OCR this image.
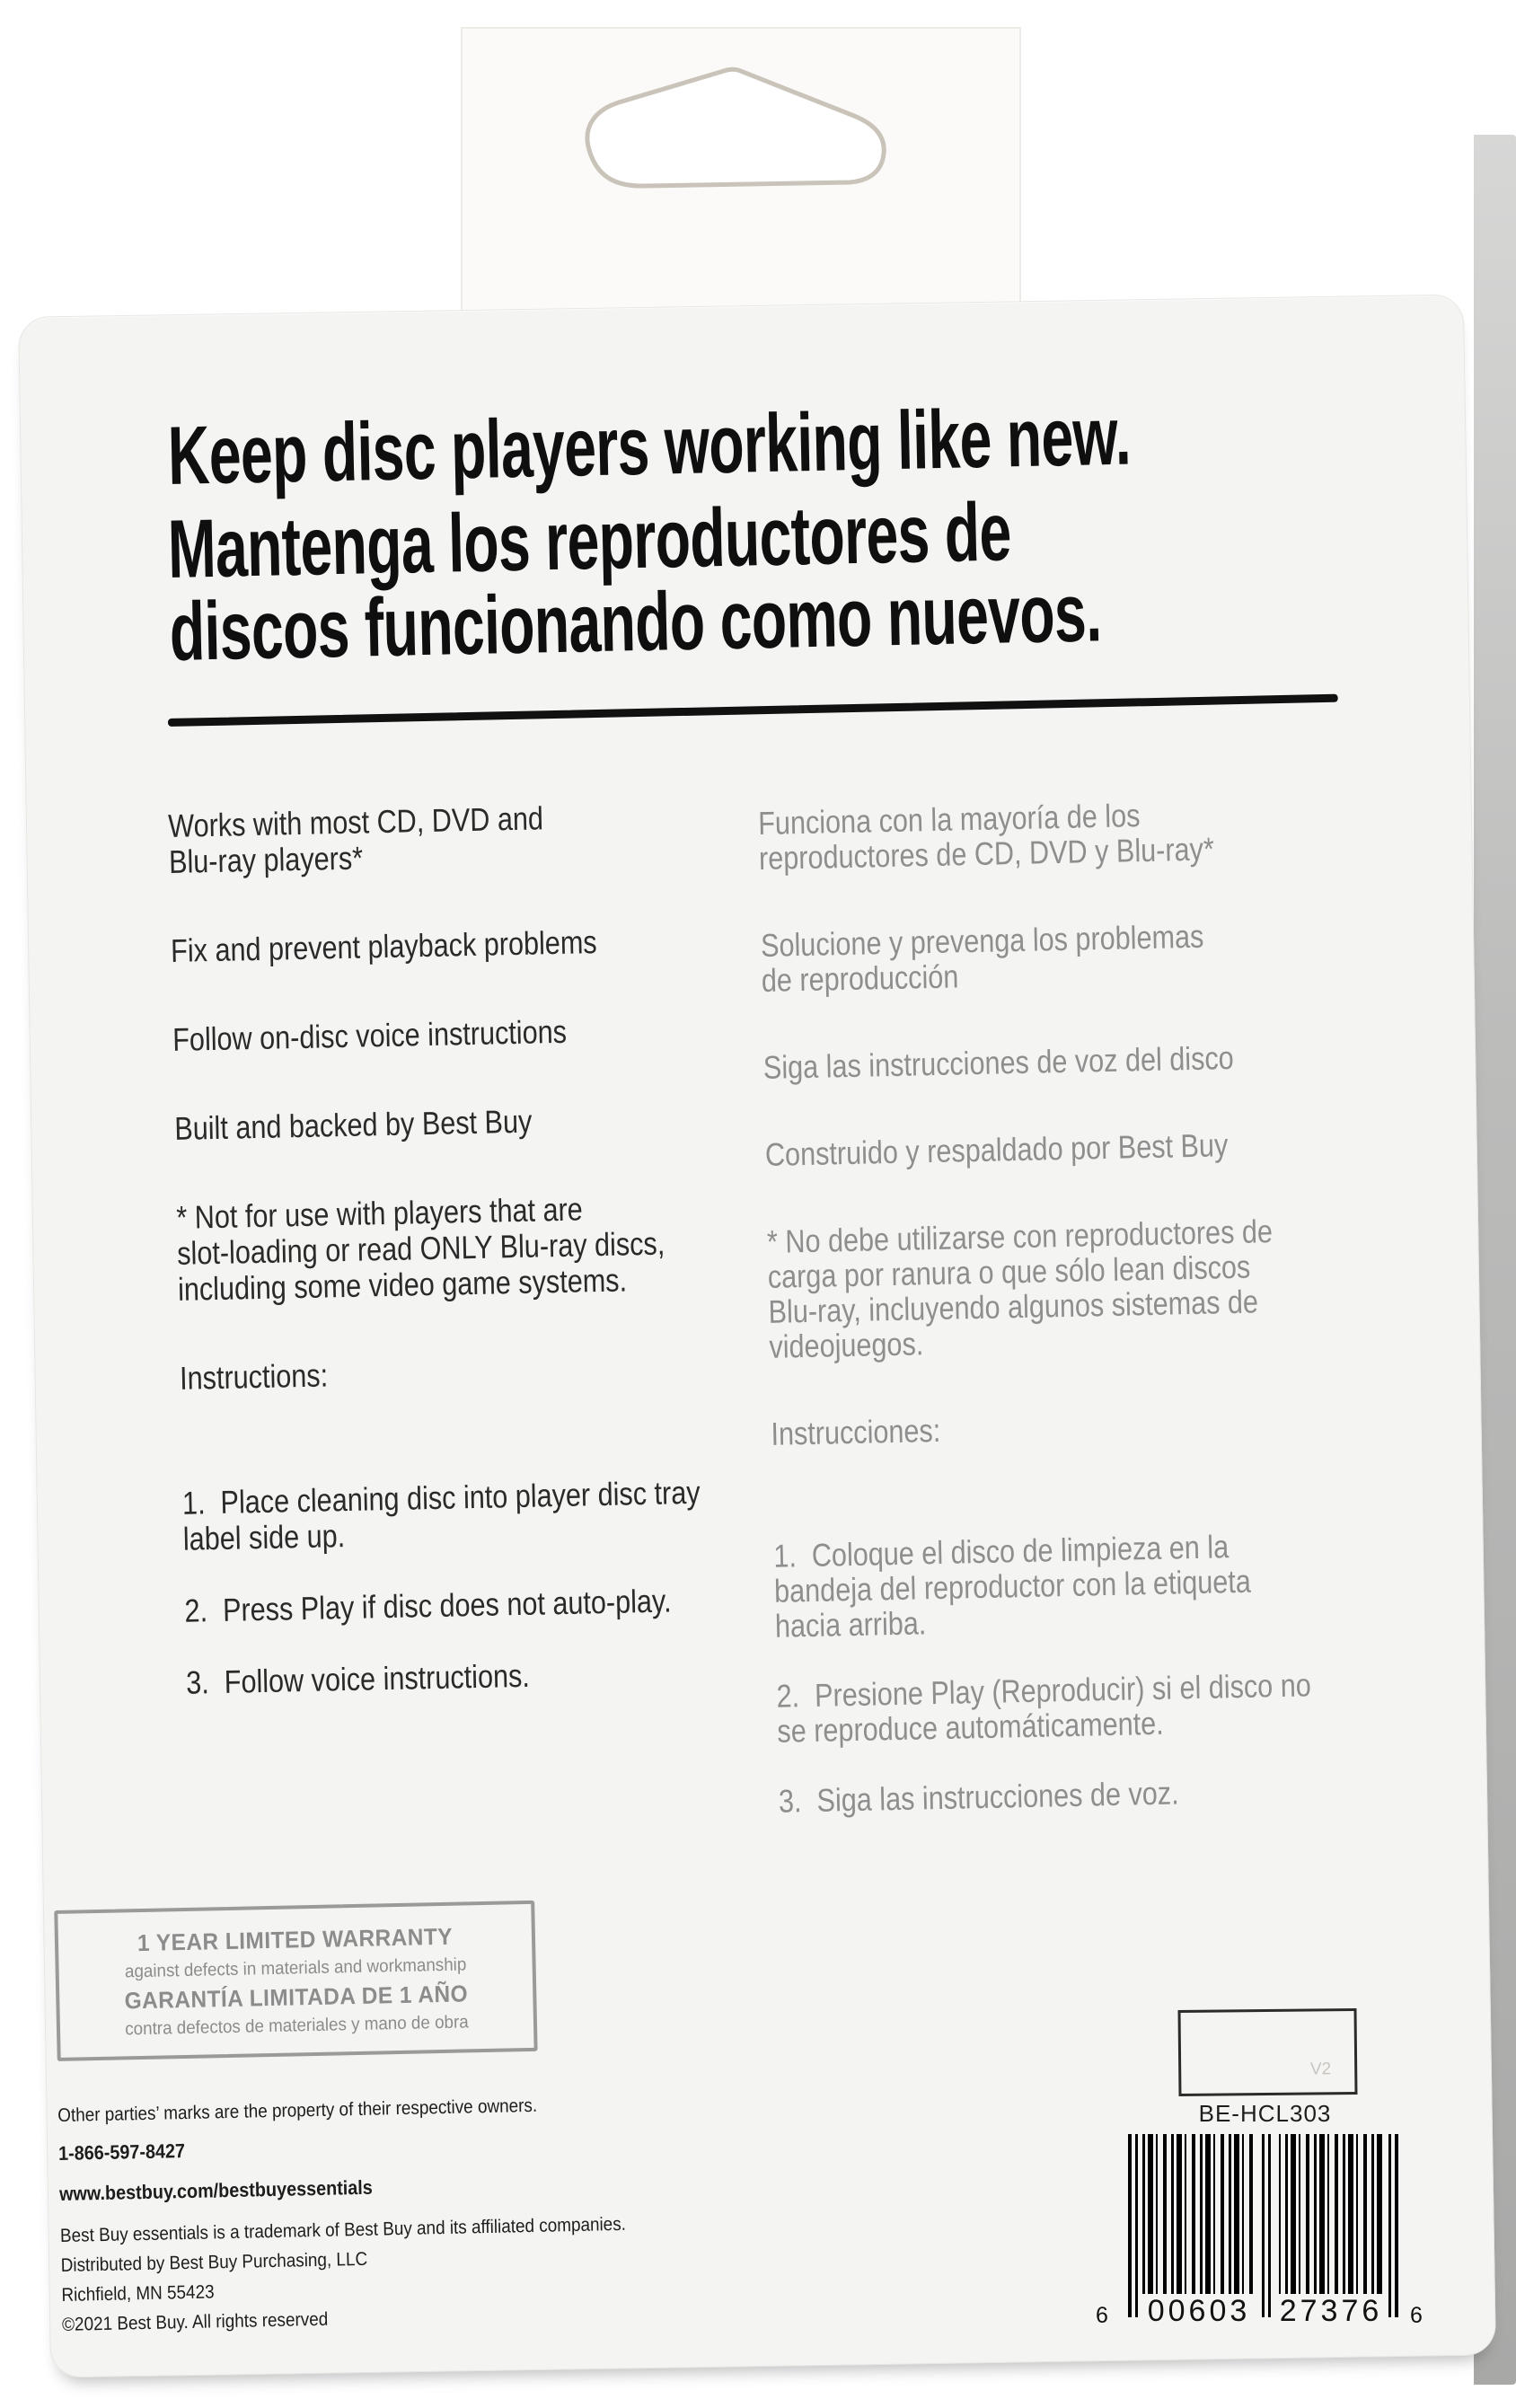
Keep disc players working like new.
Mantenga los reproductores de
discos funcionando como nuevos.

Works with most CD, DVD and
Blu-ray players*

Fix and prevent playback problems

Follow on-disc voice instructions

Built and backed by Best Buy

* Not for use with players that are
slot-loading or read ONLY Blu-ray discs,
including some video game systems.

Instructions:

1.  Place cleaning disc into player disc tray
label side up.

2.  Press Play if disc does not auto-play.

3.  Follow voice instructions.

Funciona con la mayoría de los
reproductores de CD, DVD y Blu-ray*

Solucione y prevenga los problemas
de reproducción

Siga las instrucciones de voz del disco

Construido y respaldado por Best Buy

* No debe utilizarse con reproductores de
carga por ranura o que sólo lean discos
Blu-ray, incluyendo algunos sistemas de
videojuegos.

Instrucciones:

1.  Coloque el disco de limpieza en la
bandeja del reproductor con la etiqueta
hacia arriba.

2.  Presione Play (Reproducir) si el disco no
se reproduce automáticamente.

3.  Siga las instrucciones de voz.

1 YEAR LIMITED WARRANTY
against defects in materials and workmanship
GARANTÍA LIMITADA DE 1 AÑO
contra defectos de materiales y mano de obra

Other parties’ marks are the property of their respective owners.

1-866-597-8427

www.bestbuy.com/bestbuyessentials

Best Buy essentials is a trademark of Best Buy and its affiliated companies.
Distributed by Best Buy Purchasing, LLC
Richfield, MN 55423
©2021 Best Buy. All rights reserved

V2
BE-HCL303
6 00603 27376	6
